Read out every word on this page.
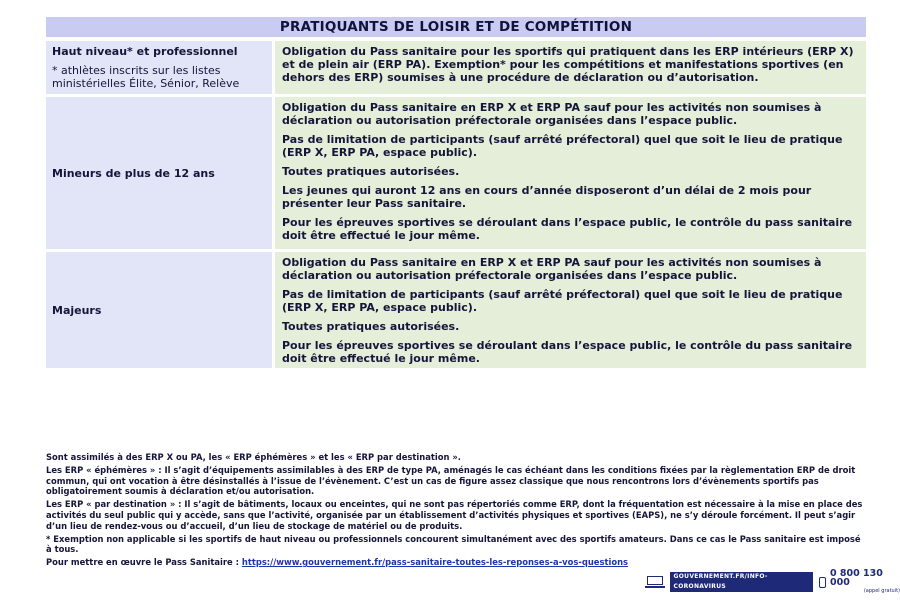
PRATIQUANTS DE LOISIR ET DE COMPÉTITION
Haut niveau* et professionnel
* athlètes inscrits sur les listes ministérielles Élite, Sénior, Relève

Obligation du Pass sanitaire pour les sportifs qui pratiquent dans les ERP intérieurs (ERP X) et de plein air (ERP PA). Exemption* pour les compétitions et manifestations sportives (en dehors des ERP) soumises à une procédure de déclaration ou d’autorisation.

Mineurs de plus de 12 ans

Obligation du Pass sanitaire en ERP X et ERP PA sauf pour les activités non soumises à déclaration ou autorisation préfectorale organisées dans l’espace public.

Pas de limitation de participants (sauf arrêté préfectoral) quel que soit le lieu de pratique (ERP X, ERP PA, espace public).

Toutes pratiques autorisées.

Les jeunes qui auront 12 ans en cours d’année disposeront d’un délai de 2 mois pour présenter leur Pass sanitaire.

Pour les épreuves sportives se déroulant dans l’espace public, le contrôle du pass sanitaire doit être effectué le jour même.

Majeurs

Obligation du Pass sanitaire en ERP X et ERP PA sauf pour les activités non soumises à déclaration ou autorisation préfectorale organisées dans l’espace public.

Pas de limitation de participants (sauf arrêté préfectoral) quel que soit le lieu de pratique (ERP X, ERP PA, espace public).

Toutes pratiques autorisées.

Pour les épreuves sportives se déroulant dans l’espace public, le contrôle du pass sanitaire doit être effectué le jour même.

Sont assimilés à des ERP X ou PA, les « ERP éphémères » et les « ERP par destination ».

Les ERP « éphémères » : Il s’agit d’équipements assimilables à des ERP de type PA, aménagés le cas échéant dans les conditions fixées par la règlementation ERP de droit commun, qui ont vocation à être désinstallés à l’issue de l’évènement. C’est un cas de figure assez classique que nous rencontrons lors d’évènements sportifs pas obligatoirement soumis à déclaration et/ou autorisation.

Les ERP « par destination » : Il s’agit de bâtiments, locaux ou enceintes, qui ne sont pas répertoriés comme ERP, dont la fréquentation est nécessaire à la mise en place des activités du seul public qui y accède, sans que l’activité, organisée par un établissement d’activités physiques et sportives (EAPS), ne s’y déroule forcément. Il peut s’agir d’un lieu de rendez-vous ou d’accueil, d’un lieu de stockage de matériel ou de produits.

* Exemption non applicable si les sportifs de haut niveau ou professionnels concourent simultanément avec des sportifs amateurs. Dans ce cas le Pass sanitaire est imposé à tous.

Pour mettre en œuvre le Pass Sanitaire : https://www.gouvernement.fr/pass-sanitaire-toutes-les-reponses-a-vos-questions

GOUVERNEMENT.FR/INFO-CORONAVIRUS
0 800 130 000
(appel gratuit)
